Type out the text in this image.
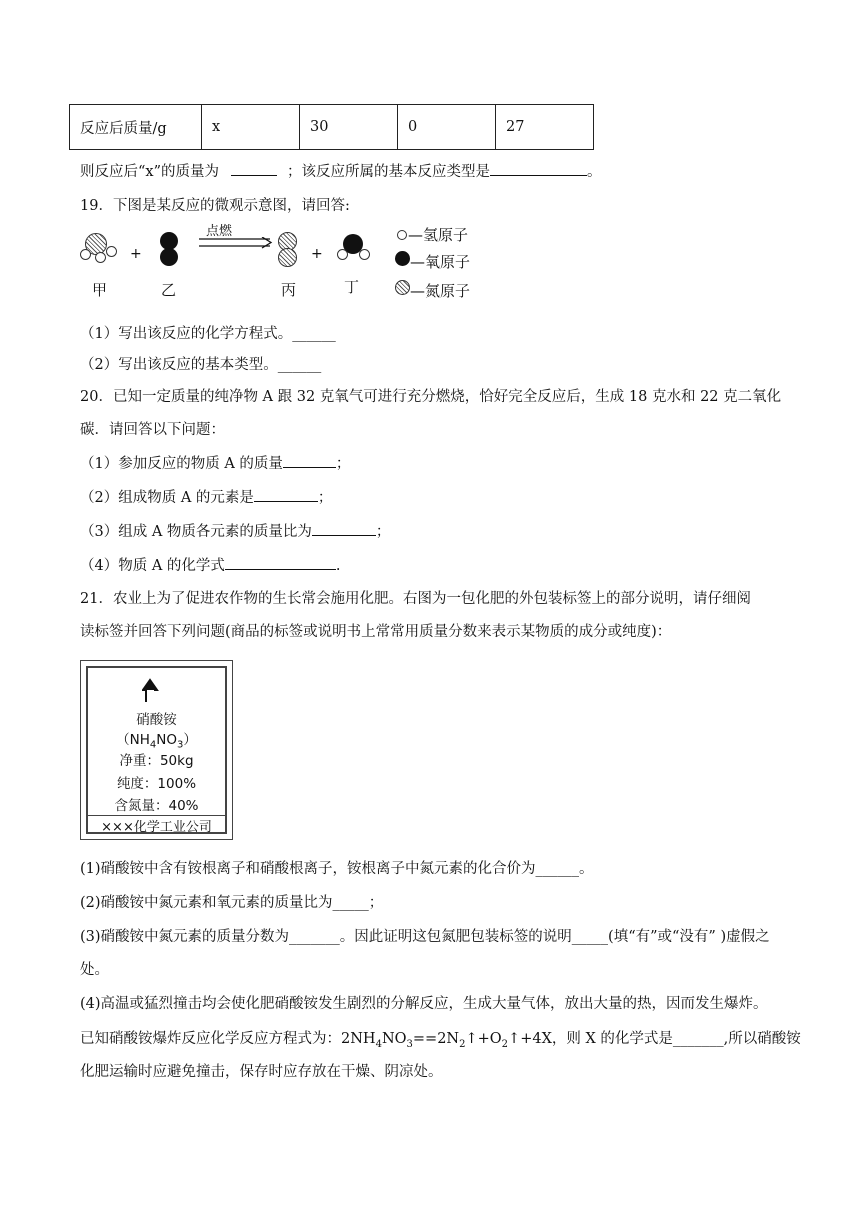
反应后质量/g	x	30	0	27
则反应后“x”的质量为	；该反应所属的基本反应类型是	。
19．下图是某反应的微观示意图，请回答:
甲
+
乙
点燃
丙
+
丁
—氢原子
—氧原子
—氮原子
（1）写出该反应的化学方程式。______
（2）写出该反应的基本类型。______
20．已知一定质量的纯净物 A 跟 32 克氧气可进行充分燃烧，恰好完全反应后，生成 18 克水和 22 克二氧化
碳．请回答以下问题：
（1）参加反应的物质 A 的质量	；
（2）组成物质 A 的元素是	；
（3）组成 A 物质各元素的质量比为	；
（4）物质 A 的化学式	.
21．农业上为了促进农作物的生长常会施用化肥。右图为一包化肥的外包装标签上的部分说明，请仔细阅
读标签并回答下列问题(商品的标签或说明书上常常用质量分数来表示某物质的成分或纯度)：
硝酸铵
$(NH_4NO_3)$
净重：50kg
纯度：100%
含氮量：40%
×××化学工业公司
(1)硝酸铵中含有铵根离子和硝酸根离子，铵根离子中氮元素的化合价为______。
(2)硝酸铵中氮元素和氧元素的质量比为_____；
(3)硝酸铵中氮元素的质量分数为_______。因此证明这包氮肥包装标签的说明_____(填“有”或“没有” )虚假之
处。
(4)高温或猛烈撞击均会使化肥硝酸铵发生剧烈的分解反应，生成大量气体，放出大量的热，因而发生爆炸。
已知硝酸铵爆炸反应化学反应方程式为：$2NH_4NO_3==2N_2↑+O_2↑+4X$，则 X 的化学式是_______,所以硝酸铵
化肥运输时应避免撞击，保存时应存放在干燥、阴凉处。
